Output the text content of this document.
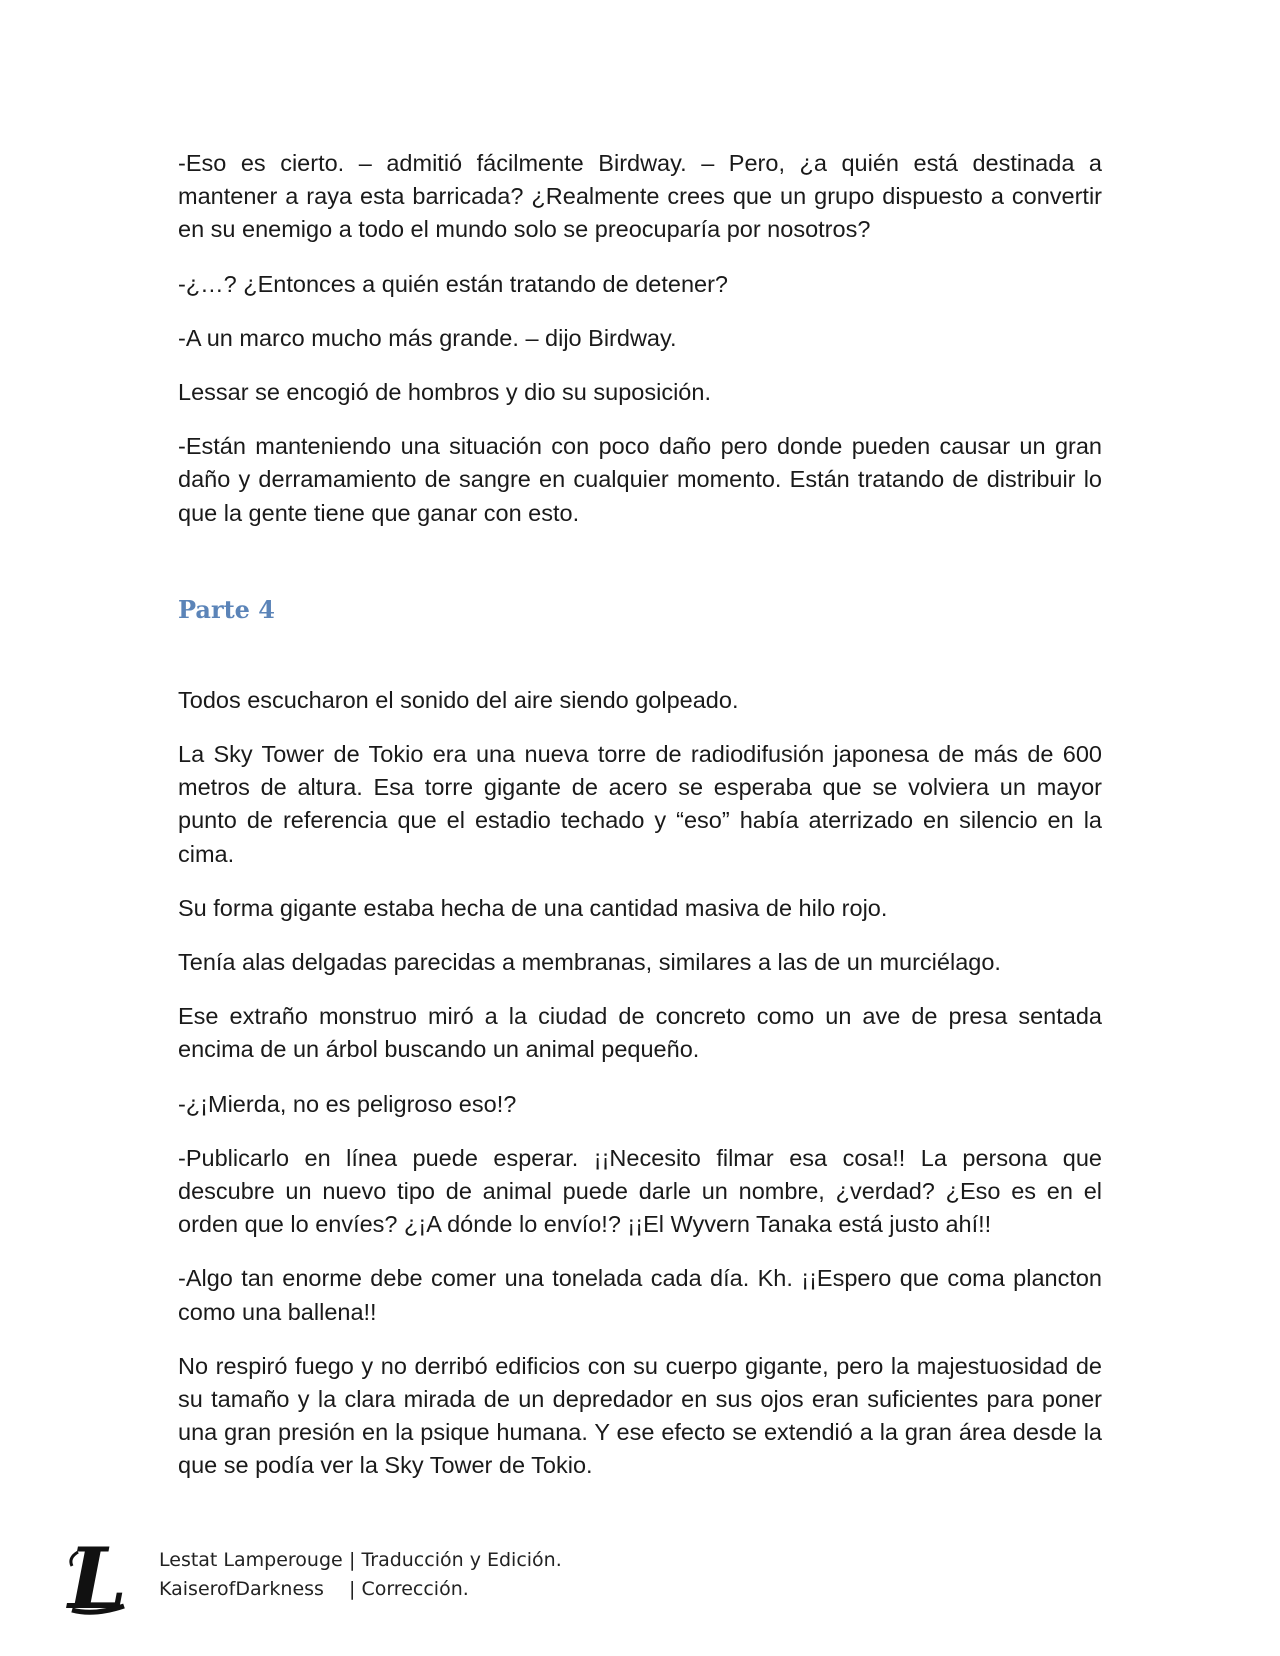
-Eso es cierto. – admitió fácilmente Birdway. – Pero, ¿a quién está destinada a mantener a raya esta barricada? ¿Realmente crees que un grupo dispuesto a convertir en su enemigo a todo el mundo solo se preocuparía por nosotros?

-¿…? ¿Entonces a quién están tratando de detener?

-A un marco mucho más grande. – dijo Birdway.

Lessar se encogió de hombros y dio su suposición.

-Están manteniendo una situación con poco daño pero donde pueden causar un gran daño y derramamiento de sangre en cualquier momento. Están tratando de distribuir lo que la gente tiene que ganar con esto.

Parte 4

Todos escucharon el sonido del aire siendo golpeado.

La Sky Tower de Tokio era una nueva torre de radiodifusión japonesa de más de 600 metros de altura. Esa torre gigante de acero se esperaba que se volviera un mayor punto de referencia que el estadio techado y “eso” había aterrizado en silencio en la cima.

Su forma gigante estaba hecha de una cantidad masiva de hilo rojo.

Tenía alas delgadas parecidas a membranas, similares a las de un murciélago.

Ese extraño monstruo miró a la ciudad de concreto como un ave de presa sentada encima de un árbol buscando un animal pequeño.

-¿¡Mierda, no es peligroso eso!?

-Publicarlo en línea puede esperar. ¡¡Necesito filmar esa cosa!! La persona que descubre un nuevo tipo de animal puede darle un nombre, ¿verdad? ¿Eso es en el orden que lo envíes? ¿¡A dónde lo envío!? ¡¡El Wyvern Tanaka está justo ahí!!

-Algo tan enorme debe comer una tonelada cada día. Kh. ¡¡Espero que coma plancton como una ballena!!

No respiró fuego y no derribó edificios con su cuerpo gigante, pero la majestuosidad de su tamaño y la clara mirada de un depredador en sus ojos eran suficientes para poner una gran presión en la psique humana. Y ese efecto se extendió a la gran área desde la que se podía ver la Sky Tower de Tokio.

L Lestat Lamperouge | Traducción y Edición.
KaiserofDarkness	| Corrección.
